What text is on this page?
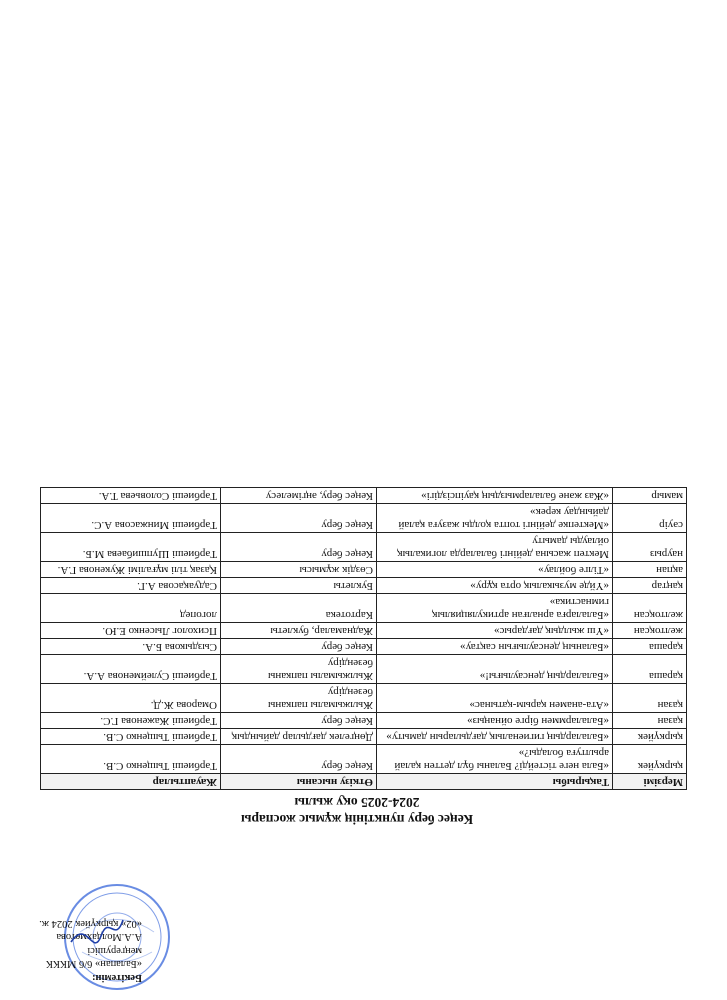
Бекітемін:
«Балапан» 6/6 МККК
меңгерушісі
А.А.Молдахметова
«02» қыркүйек 2024 ж.
Кеңес беру пунктінің жұмыс жоспары
2024-2025 оқу жылы
Мерзімі	Тақырыбы	Өткізу нысаны	Жауаптылар
қыркүйек	«Бала неге тістейді? Баланы бұл деттен қалай арылтуға болады?»	Кеңес беру	Тәрбиеші Тыщенко С.В.
қыркүйек	«Балалардың гигиеналық дағдыларын дамыту»	Дөңгелек дағдылар дайындық	Тәрбиеші Тыщенко С.В.
қазан	«Балаларммен бірге ойнаңыз»	Кеңес беру	Тәрбиеші Жаженова Г.С.
қазан	«Ата-анамен қарым-қатынас»	Жылжымалы папканы безендіру	Омарова Ж.Д.
қараша	«Балалардың денсаулығы!»	Жылжымалы папканы безендіру	Тәрбиеші Сулейменова А.А.
қараша	«Баланың денсаулығын сақтау»	Кеңес беру	Сыздыкова Б.А.
желтоқсан	«Үш жылдық дағдарыс»	Жаднамалар, буклеты	Психолог Лысенко Е.Ю.
желтоқсан	«Балаларға арналған артикуляциялық гимнастика»	Картотека	логопед
қаңтар	«Үйде музыкалық орта құру»	Буклеты	Садуақасова А.Г.
ақпан	«Тілге бойлау»	Сөздік жұмысы	Қазақ тілі мұғалімі Жукенова Г.А.
наурыз	Мектеп жасына дейінгі балаларда логикалық ойлауды дамыту	Кеңес беру	Тәрбиеші Шупшибаева М.Б.
сәуір	«Мектепке дейінгі топта қолды жазуға қалай дайындау керек»	Кеңес беру	Тәрбиеші Минжасова А.С.
мамыр	«Жаз және балалармыздың қауіпсіздігі»	Кеңес беру, әңгімелесу	Тәрбиеші Соловьева Т.А.
